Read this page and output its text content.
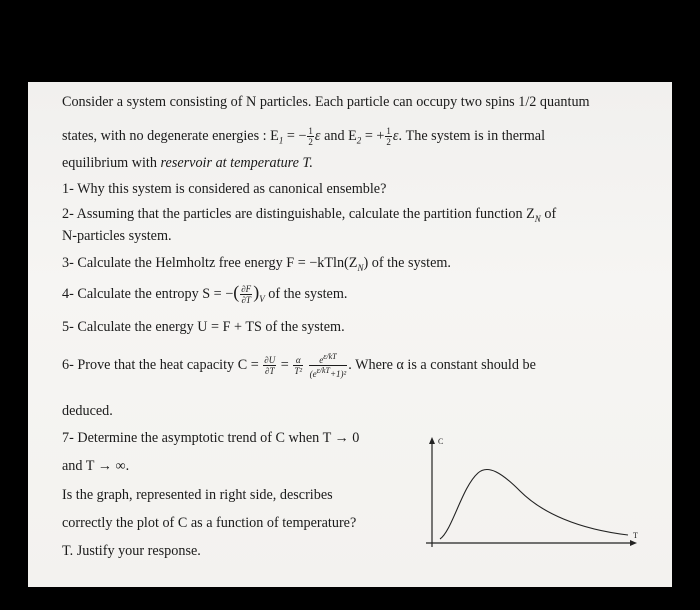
Consider a system consisting of N particles. Each particle can occupy two spins 1/2 quantum
states, with no degenerate energies : $E_1$ = − $\frac{1}{2}$ ε and $E_2$ = + $\frac{1}{2} \varepsilon$. The system is in thermal
equilibrium with reservoir at temperature T.
1- Why this system is considered as canonical ensemble?
2- Assuming that the particles are distinguishable, calculate the partition function $Z_N$ of
N-particles system.
3- Calculate the Helmholtz free energy $F = -kTln(Z_N)$ of the system.
4- Calculate the entropy S = −( $\frac{\partial F}{\partial T} )_V$ of the system.
5- Calculate the energy U = F + TS of the system.
6- Prove that the heat capacity $C = \frac{\partial U}{\partial T} = \frac{\alpha}{\text{T²}}$
$\frac{e\varepsilon/kT}{\text{(eε/kT+1)²}}$ . Where α is a constant should be
deduced.
7- Determine the asymptotic trend of C when T → 0
and T → ∞.
Is the graph, represented in right side, describes
correctly the plot of C as a function of temperature?
T. Justify your response.
C
T
